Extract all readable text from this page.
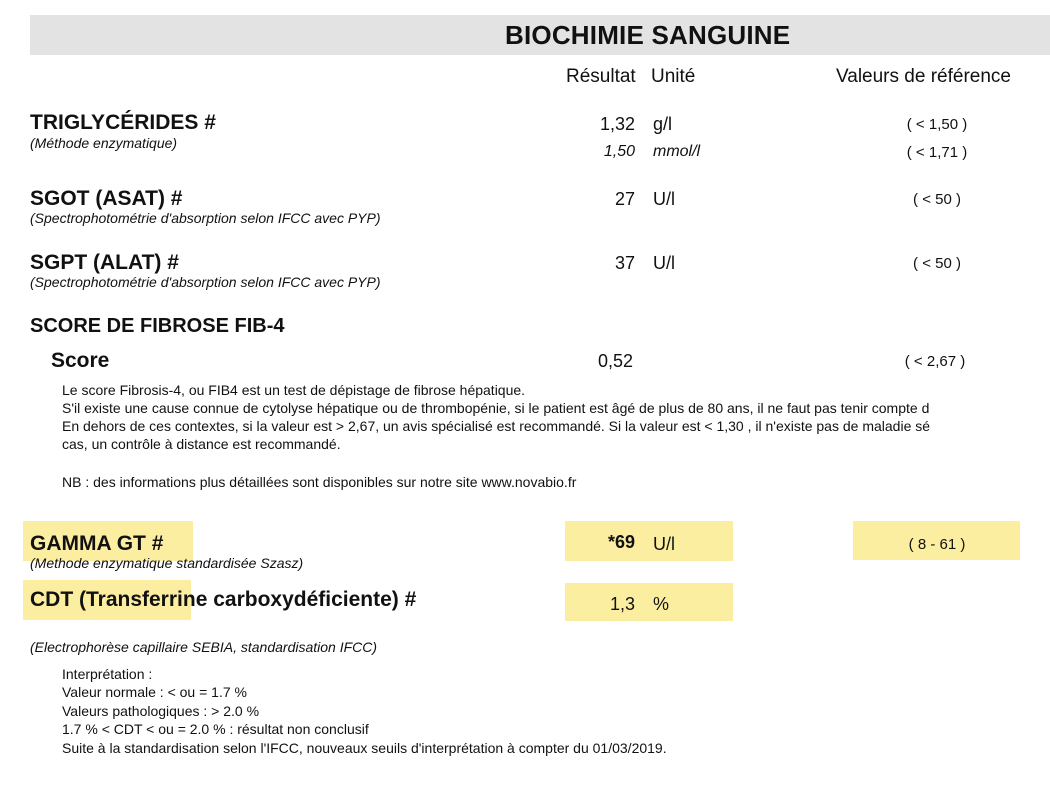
BIOCHIMIE SANGUINE
Résultat Unité	Valeurs de référence
TRIGLYCÉRIDES #
(Méthode enzymatique)
1,32 g/l	( < 1,50 )
1,50 mmol/l	( < 1,71 )
SGOT (ASAT) #
(Spectrophotométrie d'absorption selon IFCC avec PYP)
27 U/l	( < 50 )
SGPT (ALAT) #
(Spectrophotométrie d'absorption selon IFCC avec PYP)
37 U/l	( < 50 )
SCORE DE FIBROSE FIB-4
Score	0,52	( < 2,67 )
Le score Fibrosis-4, ou FIB4 est un test de dépistage de fibrose hépatique.
S'il existe une cause connue de cytolyse hépatique ou de thrombopénie, si le patient est âgé de plus de 80 ans, il ne faut pas tenir compte d
En dehors de ces contextes, si la valeur est > 2,67, un avis spécialisé est recommandé. Si la valeur est < 1,30 , il n'existe pas de maladie sé
cas, un contrôle à distance est recommandé.
NB : des informations plus détaillées sont disponibles sur notre site www.novabio.fr
GAMMA GT #
(Methode enzymatique standardisée Szasz)
*69 U/l	( 8 - 61 )
CDT (Transferrine carboxydéficiente) #	1,3 %
(Electrophorèse capillaire SEBIA, standardisation IFCC)
Interprétation :
Valeur normale : < ou = 1.7 %
Valeurs pathologiques : > 2.0 %
1.7 % < CDT < ou = 2.0 % : résultat non conclusif
Suite à la standardisation selon l'IFCC, nouveaux seuils d'interprétation à compter du 01/03/2019.
